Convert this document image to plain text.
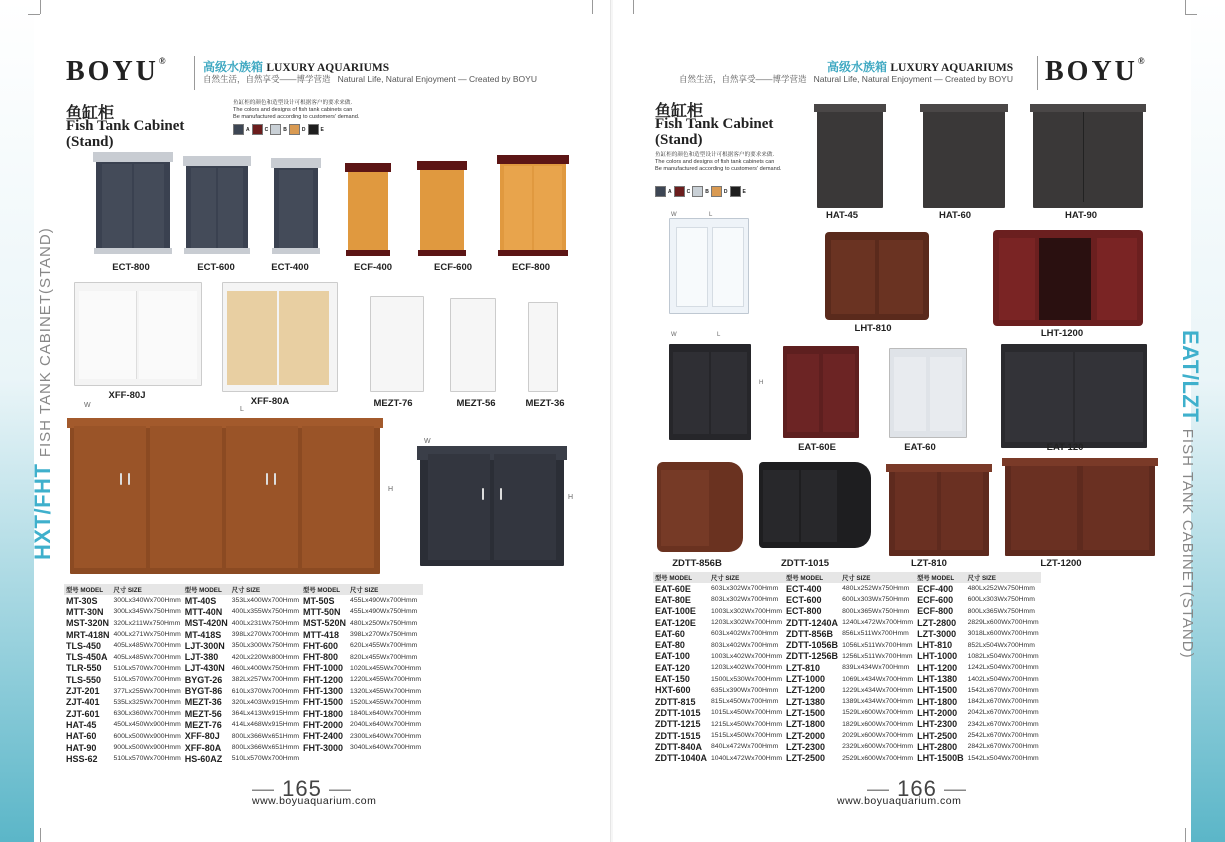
HXT/FHT FISH TANK CABINET(STAND)
BOYU®	高级水族箱 LUXURY AQUARIUMS
自然生活，自然享受——博学营造 Natural Life, Natural Enjoyment — Created by BOYU
鱼缸柜
Fish Tank Cabinet
(Stand)
鱼缸柜的颜色和造型设计可根据客户的要求来做.
The colors and designs of fish tank cabinets can
Be manufactured according to customers' demand.
A	C	B	D	E
ECT-800	ECT-600	ECT-400	ECF-400	ECF-600	ECF-800
XFF-80J
XFF-80A	MEZT-76	MEZT-56	MEZT-36
W
L
H
W
H
型号 MODEL	尺寸 SIZE	型号 MODEL	尺寸 SIZE	型号 MODEL	尺寸 SIZE
MT-30S	300Lx340Wx700Hmm	MT-40S	353Lx400Wx700Hmm	MT-50S	455Lx490Wx700Hmm
MTT-30N	300Lx345Wx750Hmm	MTT-40N	400Lx355Wx750Hmm	MTT-50N	455Lx490Wx750Hmm
MST-320N	320Lx211Wx750Hmm	MST-420N	400Lx231Wx750Hmm	MST-520N	480Lx250Wx750Hmm
MRT-418N	400Lx271Wx750Hmm	MT-418S	398Lx270Wx700Hmm	MTT-418	398Lx270Wx750Hmm
TLS-450	405Lx485Wx700Hmm	LJT-300N	350Lx300Wx750Hmm	FHT-600	620Lx455Wx700Hmm
TLS-450A	405Lx485Wx700Hmm	LJT-380	420Lx220Wx800Hmm	FHT-800	820Lx455Wx700Hmm
TLR-550	510Lx570Wx700Hmm	LJT-430N	460Lx400Wx750Hmm	FHT-1000	1020Lx455Wx700Hmm
TLS-550	510Lx570Wx700Hmm	BYGT-26	382Lx257Wx700Hmm	FHT-1200	1220Lx455Wx700Hmm
ZJT-201	377Lx255Wx700Hmm	BYGT-86	610Lx370Wx700Hmm	FHT-1300	1320Lx455Wx700Hmm
ZJT-401	535Lx325Wx700Hmm	MEZT-36	320Lx403Wx915Hmm	FHT-1500	1520Lx455Wx700Hmm
ZJT-601	630Lx360Wx700Hmm	MEZT-56	364Lx413Wx915Hmm	FHT-1800	1840Lx640Wx700Hmm
HAT-45	450Lx450Wx900Hmm	MEZT-76	414Lx468Wx915Hmm	FHT-2000	2040Lx640Wx700Hmm
HAT-60	600Lx500Wx900Hmm	XFF-80J	800Lx366Wx651Hmm	FHT-2400	2300Lx640Wx700Hmm
HAT-90	900Lx500Wx900Hmm	XFF-80A	800Lx366Wx651Hmm	FHT-3000	3040Lx640Wx700Hmm
HSS-62	510Lx570Wx700Hmm	HS-60AZ	510Lx570Wx700Hmm		
— 165 —
www.boyuaquarium.com
EAT/LZT FISH TANK CABINET(STAND)
高级水族箱 LUXURY AQUARIUMS
自然生活，自然享受——博学营造 Natural Life, Natural Enjoyment — Created by BOYU BOYU®
鱼缸柜
Fish Tank Cabinet
(Stand)
鱼缸柜的颜色和造型设计可根据客户的要求来做.
The colors and designs of fish tank cabinets can
Be manufactured according to customers' demand.
A	C	B	D	E
HAT-45	HAT-60	HAT-90
W	L
LHT-810	LHT-1200
W	L
H
EAT-60E	EAT-60	EAT-120
ZDTT-856B	ZDTT-1015	LZT-810	LZT-1200
型号 MODEL	尺寸 SIZE	型号 MODEL	尺寸 SIZE	型号 MODEL	尺寸 SIZE
EAT-60E	603Lx302Wx700Hmm	ECT-400	480Lx252Wx750Hmm	ECF-400	480Lx252Wx750Hmm
EAT-80E	803Lx302Wx700Hmm	ECT-600	600Lx303Wx750Hmm	ECF-600	600Lx303Wx750Hmm
EAT-100E	1003Lx302Wx700Hmm	ECT-800	800Lx365Wx750Hmm	ECF-800	800Lx365Wx750Hmm
EAT-120E	1203Lx302Wx700Hmm	ZDTT-1240A	1240Lx472Wx700Hmm	LZT-2800	2829Lx600Wx700Hmm
EAT-60	603Lx402Wx700Hmm	ZDTT-856B	856Lx511Wx700Hmm	LZT-3000	3018Lx600Wx700Hmm
EAT-80	803Lx402Wx700Hmm	ZDTT-1056B	1056Lx511Wx700Hmm	LHT-810	852Lx504Wx700Hmm
EAT-100	1003Lx402Wx700Hmm	ZDTT-1256B	1256Lx511Wx700Hmm	LHT-1000	1082Lx504Wx700Hmm
EAT-120	1203Lx402Wx700Hmm	LZT-810	839Lx434Wx700Hmm	LHT-1200	1242Lx504Wx700Hmm
EAT-150	1500Lx530Wx700Hmm	LZT-1000	1069Lx434Wx700Hmm	LHT-1380	1402Lx504Wx700Hmm
HXT-600	635Lx390Wx700Hmm	LZT-1200	1229Lx434Wx700Hmm	LHT-1500	1542Lx670Wx700Hmm
ZDTT-815	815Lx450Wx700Hmm	LZT-1380	1389Lx434Wx700Hmm	LHT-1800	1842Lx670Wx700Hmm
ZDTT-1015	1015Lx450Wx700Hmm	LZT-1500	1529Lx600Wx700Hmm	LHT-2000	2042Lx670Wx700Hmm
ZDTT-1215	1215Lx450Wx700Hmm	LZT-1800	1829Lx600Wx700Hmm	LHT-2300	2342Lx670Wx700Hmm
ZDTT-1515	1515Lx450Wx700Hmm	LZT-2000	2029Lx600Wx700Hmm	LHT-2500	2542Lx670Wx700Hmm
ZDTT-840A	840Lx472Wx700Hmm	LZT-2300	2329Lx600Wx700Hmm	LHT-2800	2842Lx670Wx700Hmm
ZDTT-1040A	1040Lx472Wx700Hmm	LZT-2500	2529Lx600Wx700Hmm	LHT-1500B	1542Lx504Wx700Hmm
— 166 —
www.boyuaquarium.com
